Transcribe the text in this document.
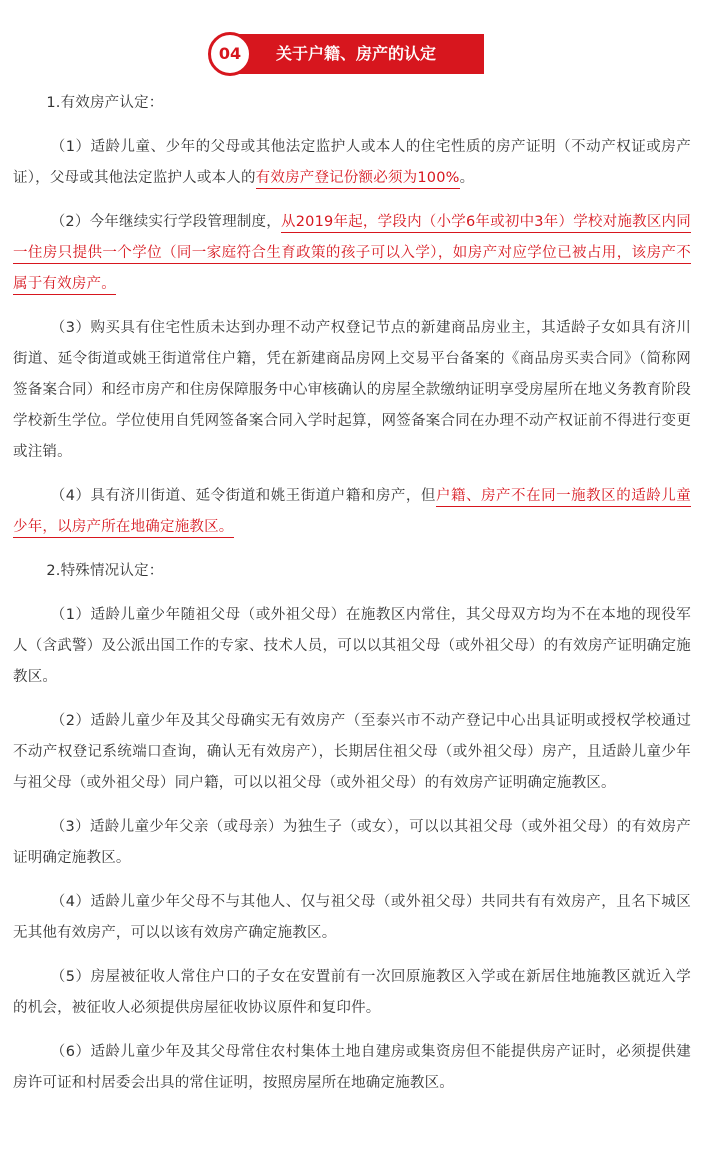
关于户籍、房产的认定
04

1.有效房产认定：

（1）适龄儿童、少年的父母或其他法定监护人或本人的住宅性质的房产证明（不动产权证或房产证），父母或其他法定监护人或本人的有效房产登记份额必须为100%。

（2）今年继续实行学段管理制度，从2019年起，学段内（小学6年或初中3年）学校对施教区内同一住房只提供一个学位（同一家庭符合生育政策的孩子可以入学），如房产对应学位已被占用，该房产不属于有效房产。

（3）购买具有住宅性质未达到办理不动产权登记节点的新建商品房业主，其适龄子女如具有济川街道、延令街道或姚王街道常住户籍，凭在新建商品房网上交易平台备案的《商品房买卖合同》（简称网签备案合同）和经市房产和住房保障服务中心审核确认的房屋全款缴纳证明享受房屋所在地义务教育阶段学校新生学位。学位使用自凭网签备案合同入学时起算，网签备案合同在办理不动产权证前不得进行变更或注销。

（4）具有济川街道、延令街道和姚王街道户籍和房产，但户籍、房产不在同一施教区的适龄儿童少年，以房产所在地确定施教区。

2.特殊情况认定：

（1）适龄儿童少年随祖父母（或外祖父母）在施教区内常住，其父母双方均为不在本地的现役军人（含武警）及公派出国工作的专家、技术人员，可以以其祖父母（或外祖父母）的有效房产证明确定施教区。

（2）适龄儿童少年及其父母确实无有效房产（至泰兴市不动产登记中心出具证明或授权学校通过不动产权登记系统端口查询，确认无有效房产），长期居住祖父母（或外祖父母）房产，且适龄儿童少年与祖父母（或外祖父母）同户籍，可以以祖父母（或外祖父母）的有效房产证明确定施教区。

（3）适龄儿童少年父亲（或母亲）为独生子（或女），可以以其祖父母（或外祖父母）的有效房产证明确定施教区。

（4）适龄儿童少年父母不与其他人、仅与祖父母（或外祖父母）共同共有有效房产，且名下城区无其他有效房产，可以以该有效房产确定施教区。

（5）房屋被征收人常住户口的子女在安置前有一次回原施教区入学或在新居住地施教区就近入学的机会，被征收人必须提供房屋征收协议原件和复印件。

（6）适龄儿童少年及其父母常住农村集体土地自建房或集资房但不能提供房产证时，必须提供建房许可证和村居委会出具的常住证明，按照房屋所在地确定施教区。
